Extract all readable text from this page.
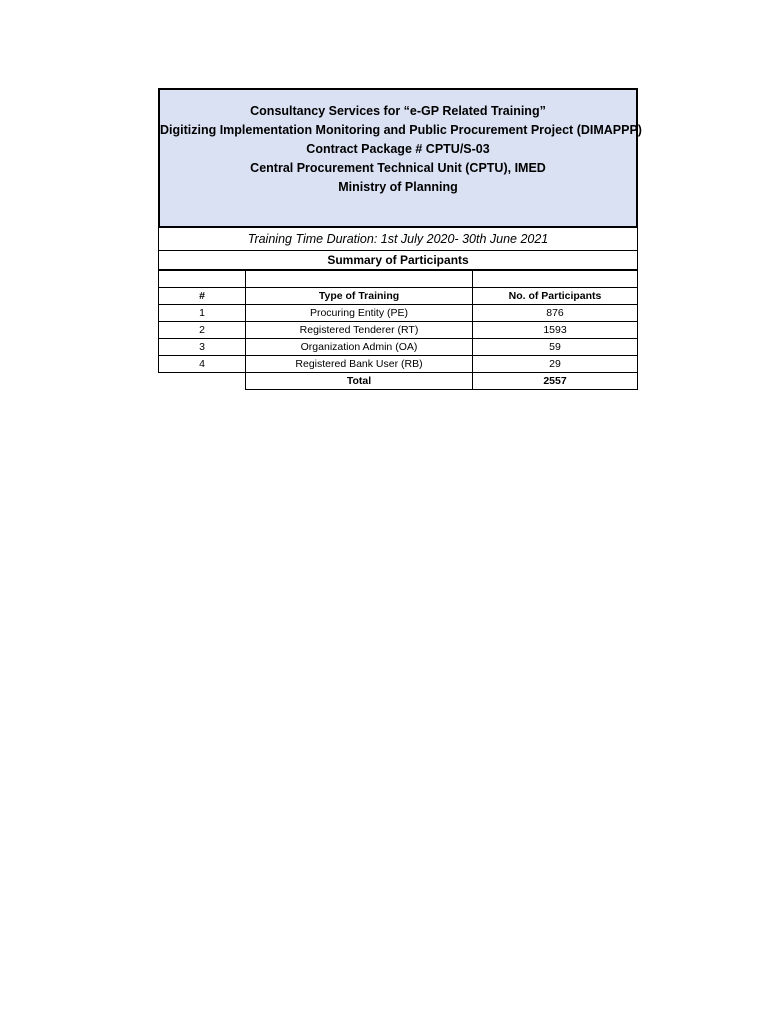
Consultancy Services for “e-GP Related Training”
Digitizing Implementation Monitoring and Public Procurement Project (DIMAPPP)
Contract Package # CPTU/S-03
Central Procurement Technical Unit (CPTU), IMED
Ministry of Planning
Training Time Duration: 1st July 2020- 30th June 2021
Summary of Participants

#	Type of Training	No. of Participants
1	Procuring Entity (PE)	876
2	Registered Tenderer (RT)	1593
3	Organization Admin (OA)	59
4	Registered Bank User (RB)	29
	Total	2557
